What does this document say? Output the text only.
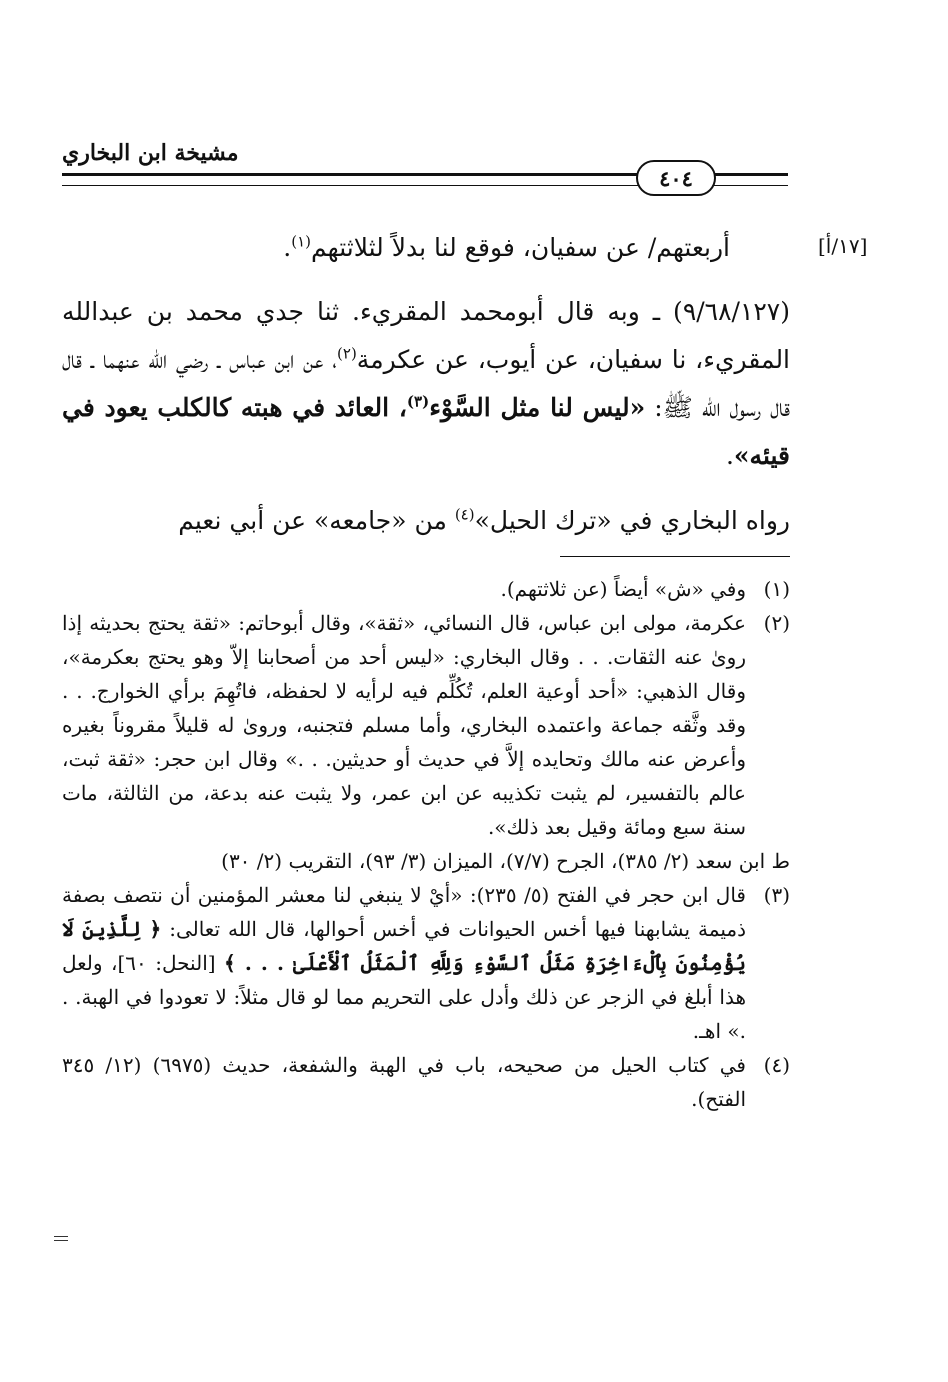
مشيخة ابن البخاري
٤٠٤
[١٧/أ]

أربعتهم/ عن سفيان، فوقع لنا بدلاً لثلاثتهم$^{(١)}$.

(٩/٦٨/١٢٧) ـ وبه قال أبومحمد المقريء. ثنا جدي محمد بن عبدالله المقريء، نا سفيان، عن أيوب، عن عكرمة$^{(٢)}$، عن ابن عباس ـ رضي الله عنهما ـ قال قال رسول الله ﷺ: «ليس لنا مثل السَّوْء$^{(٣)}$، العائد في هبته كالكلب يعود في قيئه».

رواه البخاري في «ترك الحيل»$^{(٤)}$ من «جامعه» عن أبي نعيم

(١)
وفي «ش» أيضاً (عن ثلاثتهم).
(٢)
عكرمة، مولى ابن عباس، قال النسائي، «ثقة»، وقال أبوحاتم: «ثقة يحتج بحديثه إذا روىٰ عنه الثقات. . . وقال البخاري: «ليس أحد من أصحابنا إلاّ وهو يحتج بعكرمة»، وقال الذهبي: «أحد أوعية العلم، تُكُلِّم فيه لرأيه لا لحفظه، فاتُهِمَ برأي الخوارج. . . وقد وثَّقه جماعة واعتمده البخاري، وأما مسلم فتجنبه، وروىٰ له قليلاً مقروناً بغيره وأعرض عنه مالك وتحايده إلاَّ في حديث أو حديثين. . .» وقال ابن حجر: «ثقة ثبت، عالم بالتفسير، لم يثبت تكذيبه عن ابن عمر، ولا يثبت عنه بدعة، من الثالثة، مات سنة سبع ومائة وقيل بعد ذلك».

ط ابن سعد (٢/ ٣٨٥)، الجرح (٧/٧)، الميزان (٣/ ٩٣)، التقريب (٢/ ٣٠)

(٣)
قال ابن حجر في الفتح (٥/ ٢٣٥): «أيْ لا ينبغي لنا معشر المؤمنين أن نتصف بصفة ذميمة يشابهنا فيها أخس الحيوانات في أخس أحوالها، قال الله تعالى: ﴿ لِلَّذِينَ لَا يُؤْمِنُونَ بِٱلْءَاخِرَةِ مَثَلُ ٱلسَّوْءِ وَلِلَّهِ ٱلْمَثَلُ ٱلْأَعْلَىٰ . . . ﴾ [النحل: ٦٠]، ولعل هذا أبلغ في الزجر عن ذلك وأدل على التحريم مما لو قال مثلاً: لا تعودوا في الهبة. . .» اهـ.
(٤)
في كتاب الحيل من صحيحه، باب في الهبة والشفعة، حديث (٦٩٧٥) (١٢/ ٣٤٥ الفتح).
